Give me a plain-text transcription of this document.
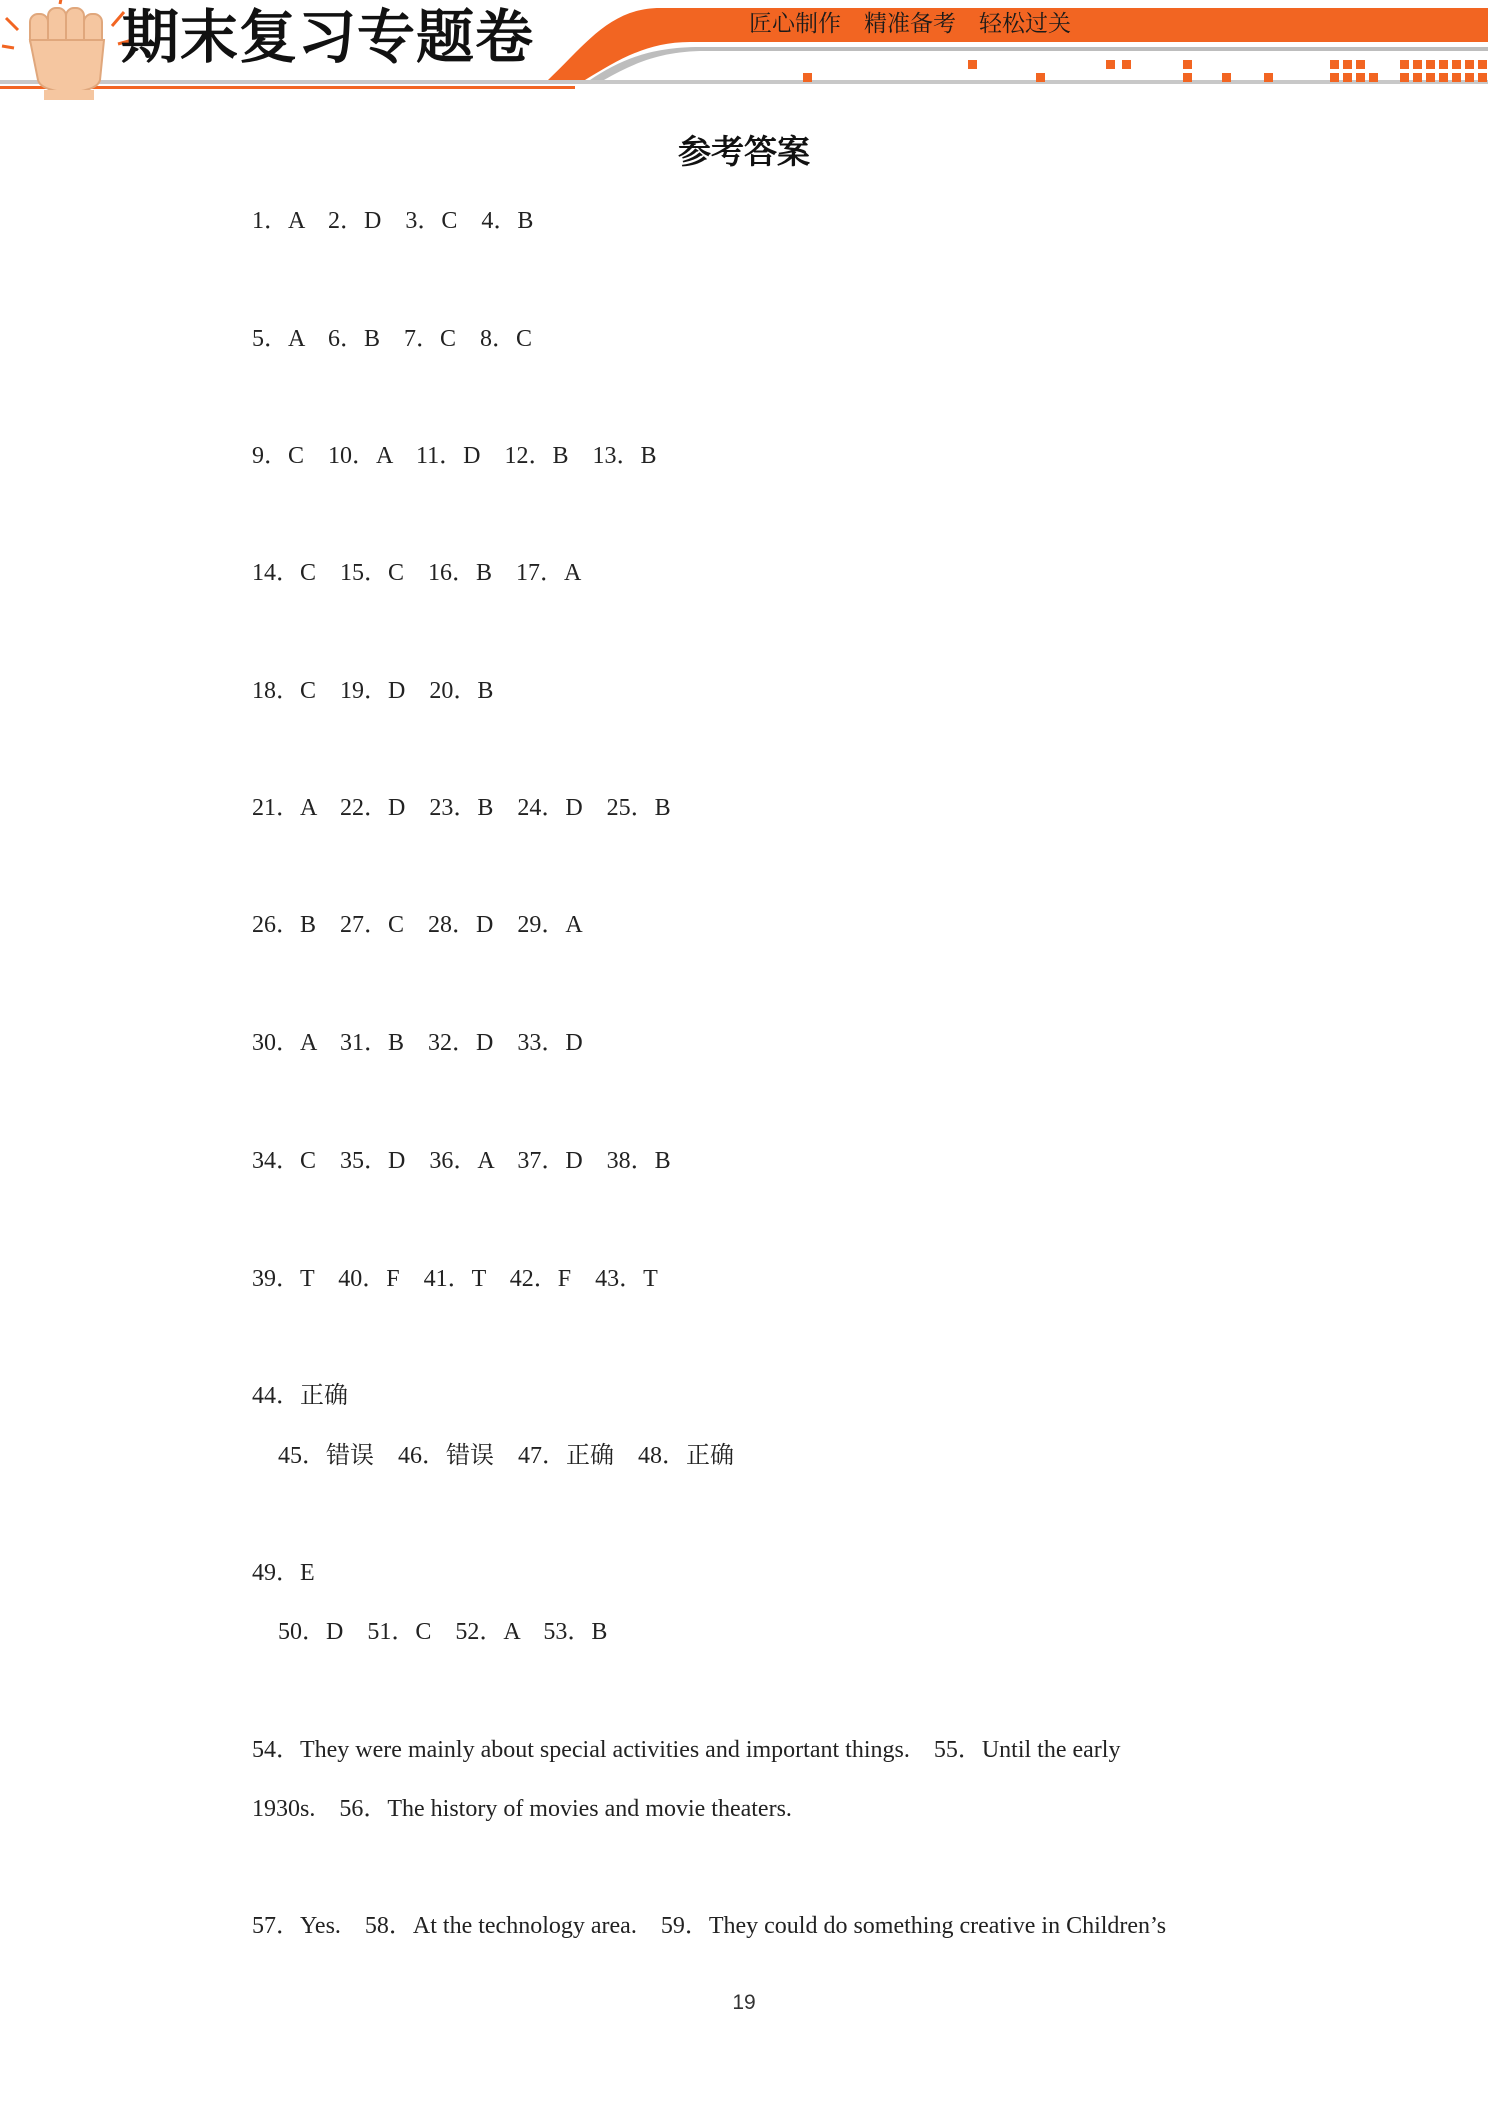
期末复习专题卷	匠心制作　精准备考　轻松过关
参考答案
1．A　2．D　3．C　4．B
5．A　6．B　7．C　8．C
9．C　10．A　11．D　12．B　13．B
14．C　15．C　16．B　17．A
18．C　19．D　20．B
21．A　22．D　23．B　24．D　25．B
26．B　27．C　28．D　29．A
30．A　31．B　32．D　33．D
34．C　35．D　36．A　37．D　38．B
39．T　40．F　41．T　42．F　43．T
44．正确
45．错误　46．错误　47．正确　48．正确
49．E
50．D　51．C　52．A　53．B
54．They were mainly about special activities and important things.　55．Until the early
1930s.　56．The history of movies and movie theaters.
57．Yes.　58．At the technology area.　59．They could do something creative in Children’s
19
